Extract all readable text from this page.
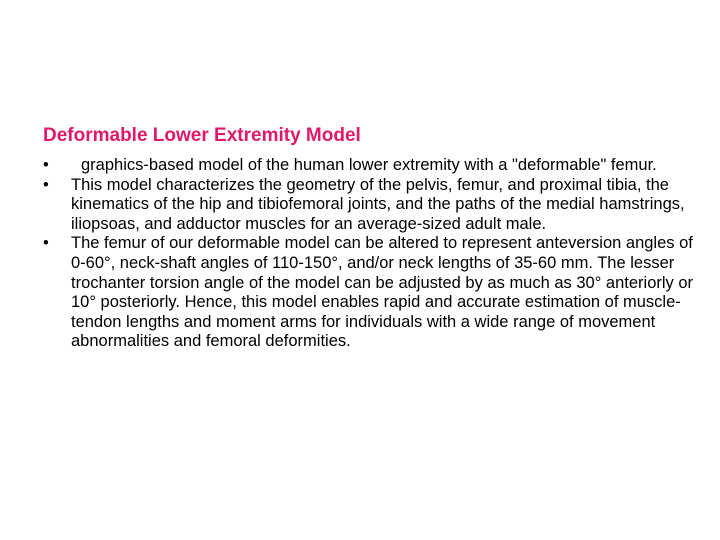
Deformable Lower Extremity Model
•	graphics-based model of the human lower extremity with a "deformable" femur.
• This model characterizes the geometry of the pelvis, femur, and proximal tibia, the kinematics of the hip and tibiofemoral joints, and the paths of the medial hamstrings, iliopsoas, and adductor muscles for an average-sized adult male.
• The femur of our deformable model can be altered to represent anteversion angles of 0-60°, neck-shaft angles of 110-150°, and/or neck lengths of 35-60 mm. The lesser trochanter torsion angle of the model can be adjusted by as much as 30° anteriorly or 10° posteriorly. Hence, this model enables rapid and accurate estimation of muscle-tendon lengths and moment arms for individuals with a wide range of movement abnormalities and femoral deformities.
